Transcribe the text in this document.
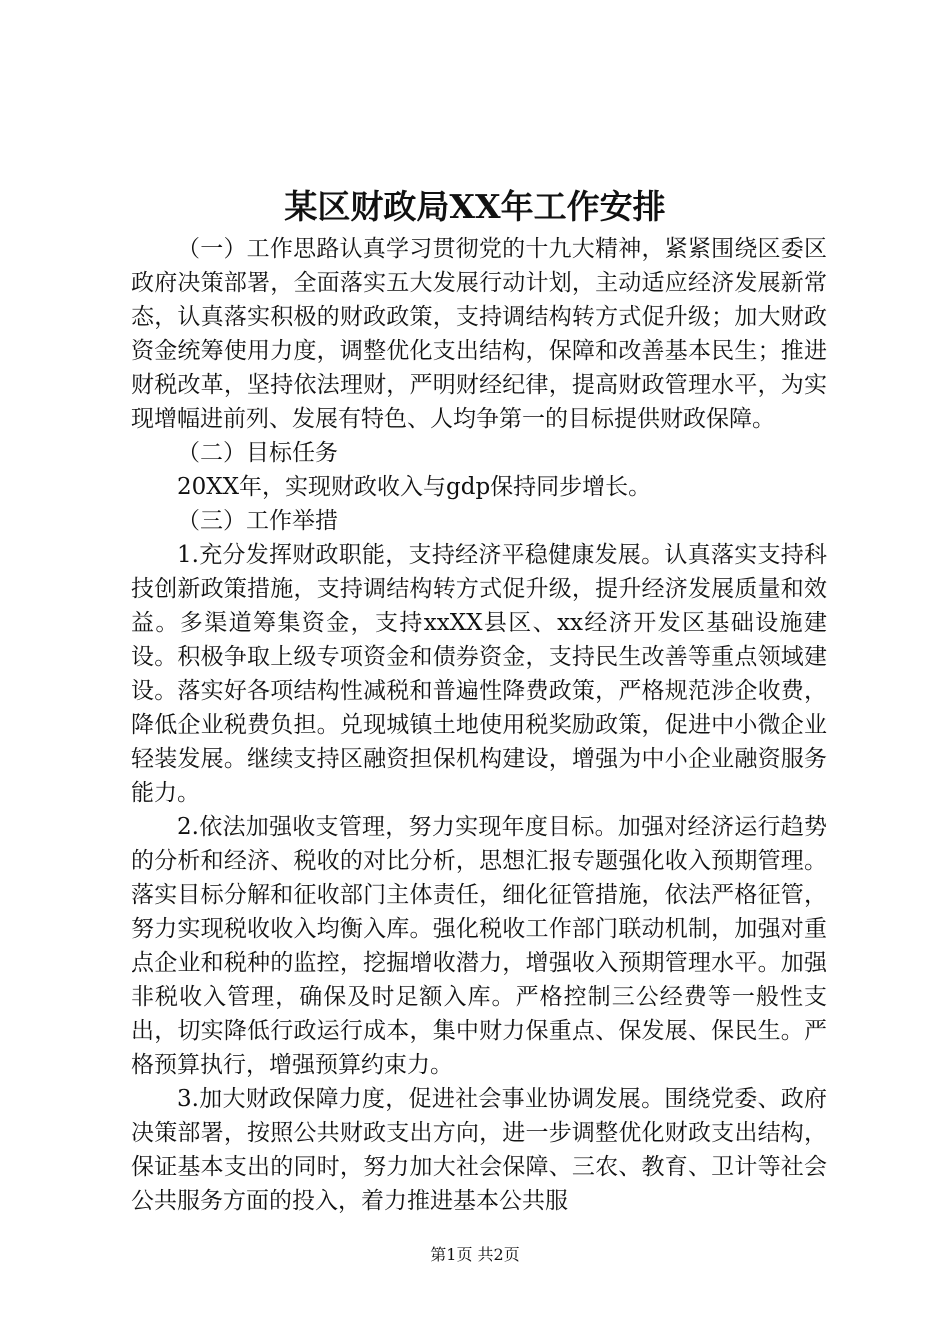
某区财政局XX年工作安排

（一）工作思路认真学习贯彻党的十九大精神，紧紧围绕区委区政府决策部署，全面落实五大发展行动计划，主动适应经济发展新常态，认真落实积极的财政政策，支持调结构转方式促升级；加大财政资金统筹使用力度，调整优化支出结构，保障和改善基本民生；推进财税改革，坚持依法理财，严明财经纪律，提高财政管理水平，为实现增幅进前列、发展有特色、人均争第一的目标提供财政保障。

（二）目标任务

20XX年，实现财政收入与gdp保持同步增长。

（三）工作举措

1.充分发挥财政职能，支持经济平稳健康发展。认真落实支持科技创新政策措施，支持调结构转方式促升级，提升经济发展质量和效益。多渠道筹集资金，支持xxXX县区、xx经济开发区基础设施建设。积极争取上级专项资金和债券资金，支持民生改善等重点领域建设。落实好各项结构性减税和普遍性降费政策，严格规范涉企收费，降低企业税费负担。兑现城镇土地使用税奖励政策，促进中小微企业轻装发展。继续支持区融资担保机构建设，增强为中小企业融资服务能力。

2.依法加强收支管理，努力实现年度目标。加强对经济运行趋势的分析和经济、税收的对比分析，思想汇报专题强化收入预期管理。落实目标分解和征收部门主体责任，细化征管措施，依法严格征管，努力实现税收收入均衡入库。强化税收工作部门联动机制，加强对重点企业和税种的监控，挖掘增收潜力，增强收入预期管理水平。加强非税收入管理，确保及时足额入库。严格控制三公经费等一般性支出，切实降低行政运行成本，集中财力保重点、保发展、保民生。严格预算执行，增强预算约束力。

3.加大财政保障力度，促进社会事业协调发展。围绕党委、政府决策部署，按照公共财政支出方向，进一步调整优化财政支出结构，保证基本支出的同时，努力加大社会保障、三农、教育、卫计等社会公共服务方面的投入，着力推进基本公共服

第1页 共2页
